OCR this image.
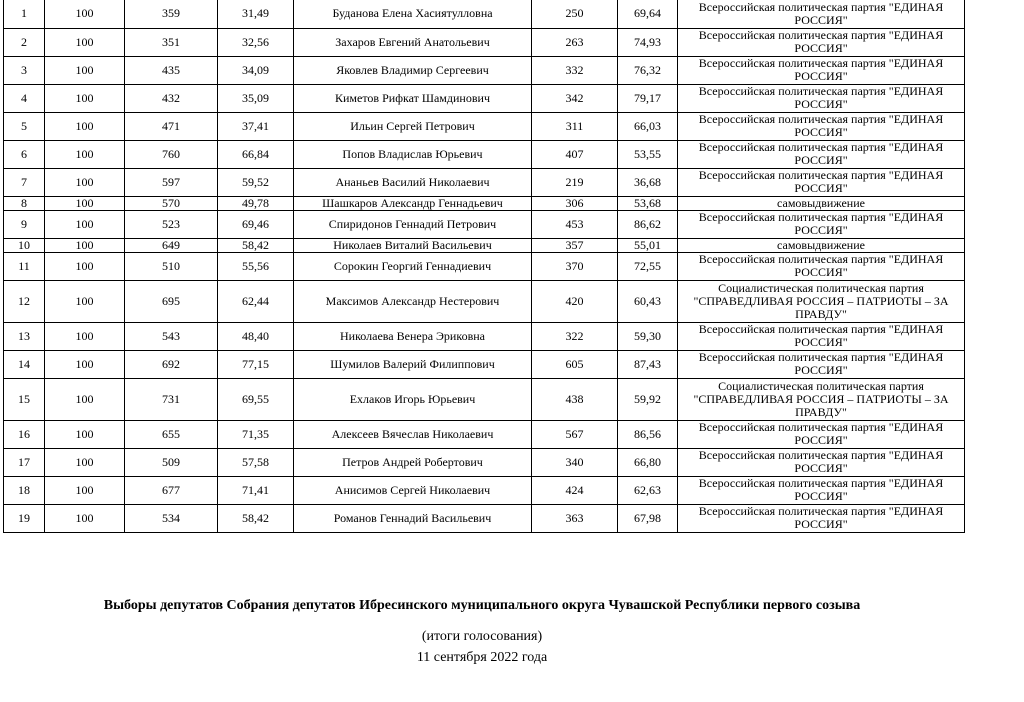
1	100	359	31,49	Буданова Елена Хасиятулловна	250	69,64	Всероссийская политическая партия "ЕДИНАЯ РОССИЯ"
2	100	351	32,56	Захаров Евгений Анатольевич	263	74,93	Всероссийская политическая партия "ЕДИНАЯ РОССИЯ"
3	100	435	34,09	Яковлев Владимир Сергеевич	332	76,32	Всероссийская политическая партия "ЕДИНАЯ РОССИЯ"
4	100	432	35,09	Киметов Рифкат Шамдинович	342	79,17	Всероссийская политическая партия "ЕДИНАЯ РОССИЯ"
5	100	471	37,41	Ильин Сергей Петрович	311	66,03	Всероссийская политическая партия "ЕДИНАЯ РОССИЯ"
6	100	760	66,84	Попов Владислав Юрьевич	407	53,55	Всероссийская политическая партия "ЕДИНАЯ РОССИЯ"
7	100	597	59,52	Ананьев Василий Николаевич	219	36,68	Всероссийская политическая партия "ЕДИНАЯ РОССИЯ"
8	100	570	49,78	Шашкаров Александр Геннадьевич	306	53,68	самовыдвижение
9	100	523	69,46	Спиридонов Геннадий Петрович	453	86,62	Всероссийская политическая партия "ЕДИНАЯ РОССИЯ"
10	100	649	58,42	Николаев Виталий Васильевич	357	55,01	самовыдвижение
11	100	510	55,56	Сорокин Георгий Геннадиевич	370	72,55	Всероссийская политическая партия "ЕДИНАЯ РОССИЯ"
12	100	695	62,44	Максимов Александр Нестерович	420	60,43	Социалистическая политическая партия "СПРАВЕДЛИВАЯ РОССИЯ – ПАТРИОТЫ – ЗА ПРАВДУ"
13	100	543	48,40	Николаева Венера Эриковна	322	59,30	Всероссийская политическая партия "ЕДИНАЯ РОССИЯ"
14	100	692	77,15	Шумилов Валерий Филиппович	605	87,43	Всероссийская политическая партия "ЕДИНАЯ РОССИЯ"
15	100	731	69,55	Ехлаков Игорь Юрьевич	438	59,92	Социалистическая политическая партия "СПРАВЕДЛИВАЯ РОССИЯ – ПАТРИОТЫ – ЗА ПРАВДУ"
16	100	655	71,35	Алексеев Вячеслав Николаевич	567	86,56	Всероссийская политическая партия "ЕДИНАЯ РОССИЯ"
17	100	509	57,58	Петров Андрей Робертович	340	66,80	Всероссийская политическая партия "ЕДИНАЯ РОССИЯ"
18	100	677	71,41	Анисимов Сергей Николаевич	424	62,63	Всероссийская политическая партия "ЕДИНАЯ РОССИЯ"
19	100	534	58,42	Романов Геннадий Васильевич	363	67,98	Всероссийская политическая партия "ЕДИНАЯ РОССИЯ"
Выборы депутатов Собрания депутатов Ибресинского муниципального округа Чувашской Республики первого созыва
(итоги голосования)
11 сентября 2022 года
